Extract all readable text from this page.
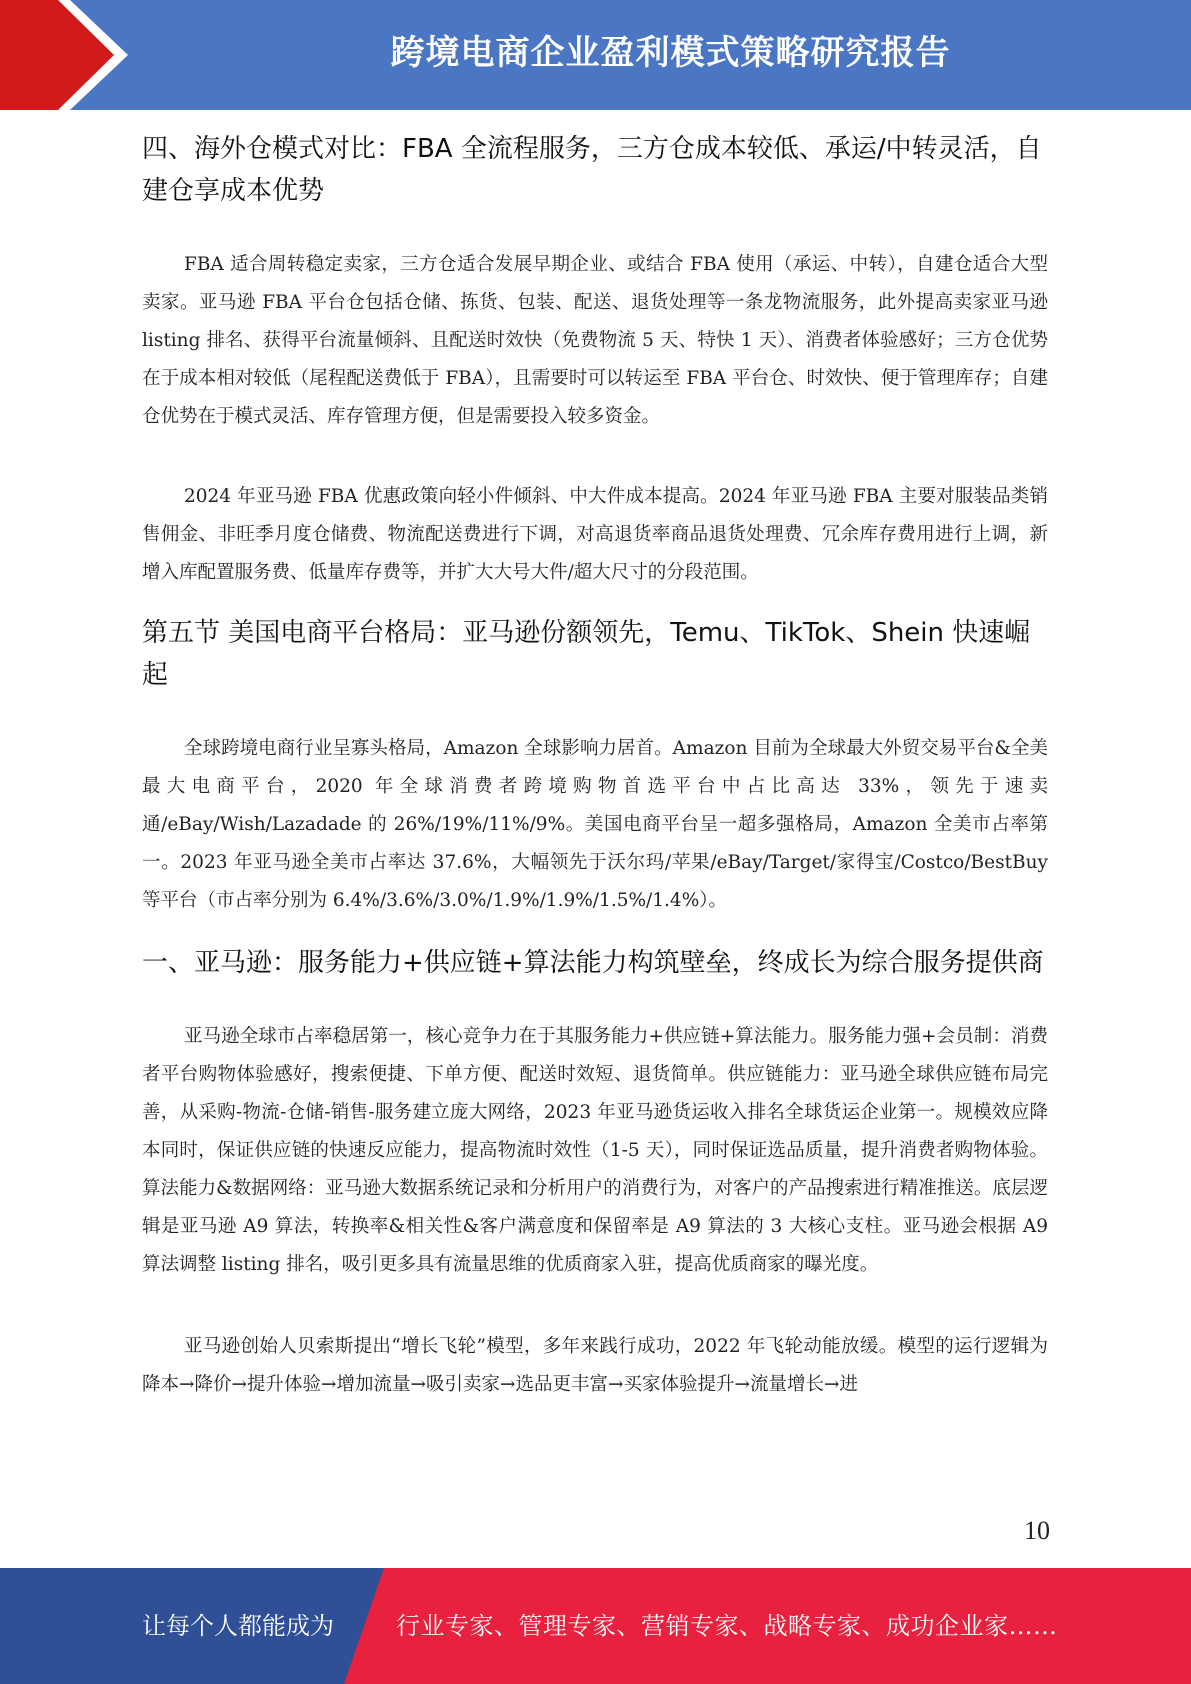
跨境电商企业盈利模式策略研究报告
四、海外仓模式对比：FBA 全流程服务，三方仓成本较低、承运/中转灵活，自建仓享成本优势

FBA 适合周转稳定卖家，三方仓适合发展早期企业、或结合 FBA 使用（承运、中转），自建仓适合大型卖家。亚马逊 FBA 平台仓包括仓储、拣货、包装、配送、退货处理等一条龙物流服务，此外提高卖家亚马逊 listing 排名、获得平台流量倾斜、且配送时效快（免费物流 5 天、特快 1 天）、消费者体验感好；三方仓优势在于成本相对较低（尾程配送费低于 FBA），且需要时可以转运至 FBA 平台仓、时效快、便于管理库存；自建仓优势在于模式灵活、库存管理方便，但是需要投入较多资金。

2024 年亚马逊 FBA 优惠政策向轻小件倾斜、中大件成本提高。2024 年亚马逊 FBA 主要对服装品类销售佣金、非旺季月度仓储费、物流配送费进行下调，对高退货率商品退货处理费、冗余库存费用进行上调，新增入库配置服务费、低量库存费等，并扩大大号大件/超大尺寸的分段范围。

第五节 美国电商平台格局：亚马逊份额领先，Temu、TikTok、Shein 快速崛起

全球跨境电商行业呈寡头格局，Amazon 全球影响力居首。Amazon 目前为全球最大外贸交易平台&全美最大电商平台，2020 年全球消费者跨境购物首选平台中占比高达 33%，领先于速卖通/eBay/Wish/Lazadade 的 26%/19%/11%/9%。美国电商平台呈一超多强格局，Amazon 全美市占率第一。2023 年亚马逊全美市占率达 37.6%，大幅领先于沃尔玛/苹果/eBay/Target/家得宝/Costco/BestBuy 等平台（市占率分别为 6.4%/3.6%/3.0%/1.9%/1.9%/1.5%/1.4%）。

一、亚马逊：服务能力+供应链+算法能力构筑壁垒，终成长为综合服务提供商

亚马逊全球市占率稳居第一，核心竞争力在于其服务能力+供应链+算法能力。服务能力强+会员制：消费者平台购物体验感好，搜索便捷、下单方便、配送时效短、退货简单。供应链能力：亚马逊全球供应链布局完善，从采购-物流-仓储-销售-服务建立庞大网络，2023 年亚马逊货运收入排名全球货运企业第一。规模效应降本同时，保证供应链的快速反应能力，提高物流时效性（1-5 天），同时保证选品质量，提升消费者购物体验。算法能力&数据网络：亚马逊大数据系统记录和分析用户的消费行为，对客户的产品搜索进行精准推送。底层逻辑是亚马逊 A9 算法，转换率&相关性&客户满意度和保留率是 A9 算法的 3 大核心支柱。亚马逊会根据 A9 算法调整 listing 排名，吸引更多具有流量思维的优质商家入驻，提高优质商家的曝光度。

亚马逊创始人贝索斯提出“增长飞轮”模型，多年来践行成功，2022 年飞轮动能放缓。模型的运行逻辑为降本→降价→提升体验→增加流量→吸引卖家→选品更丰富→买家体验提升→流量增长→进

10
让每个人都能成为	行业专家、管理专家、营销专家、战略专家、成功企业家……
